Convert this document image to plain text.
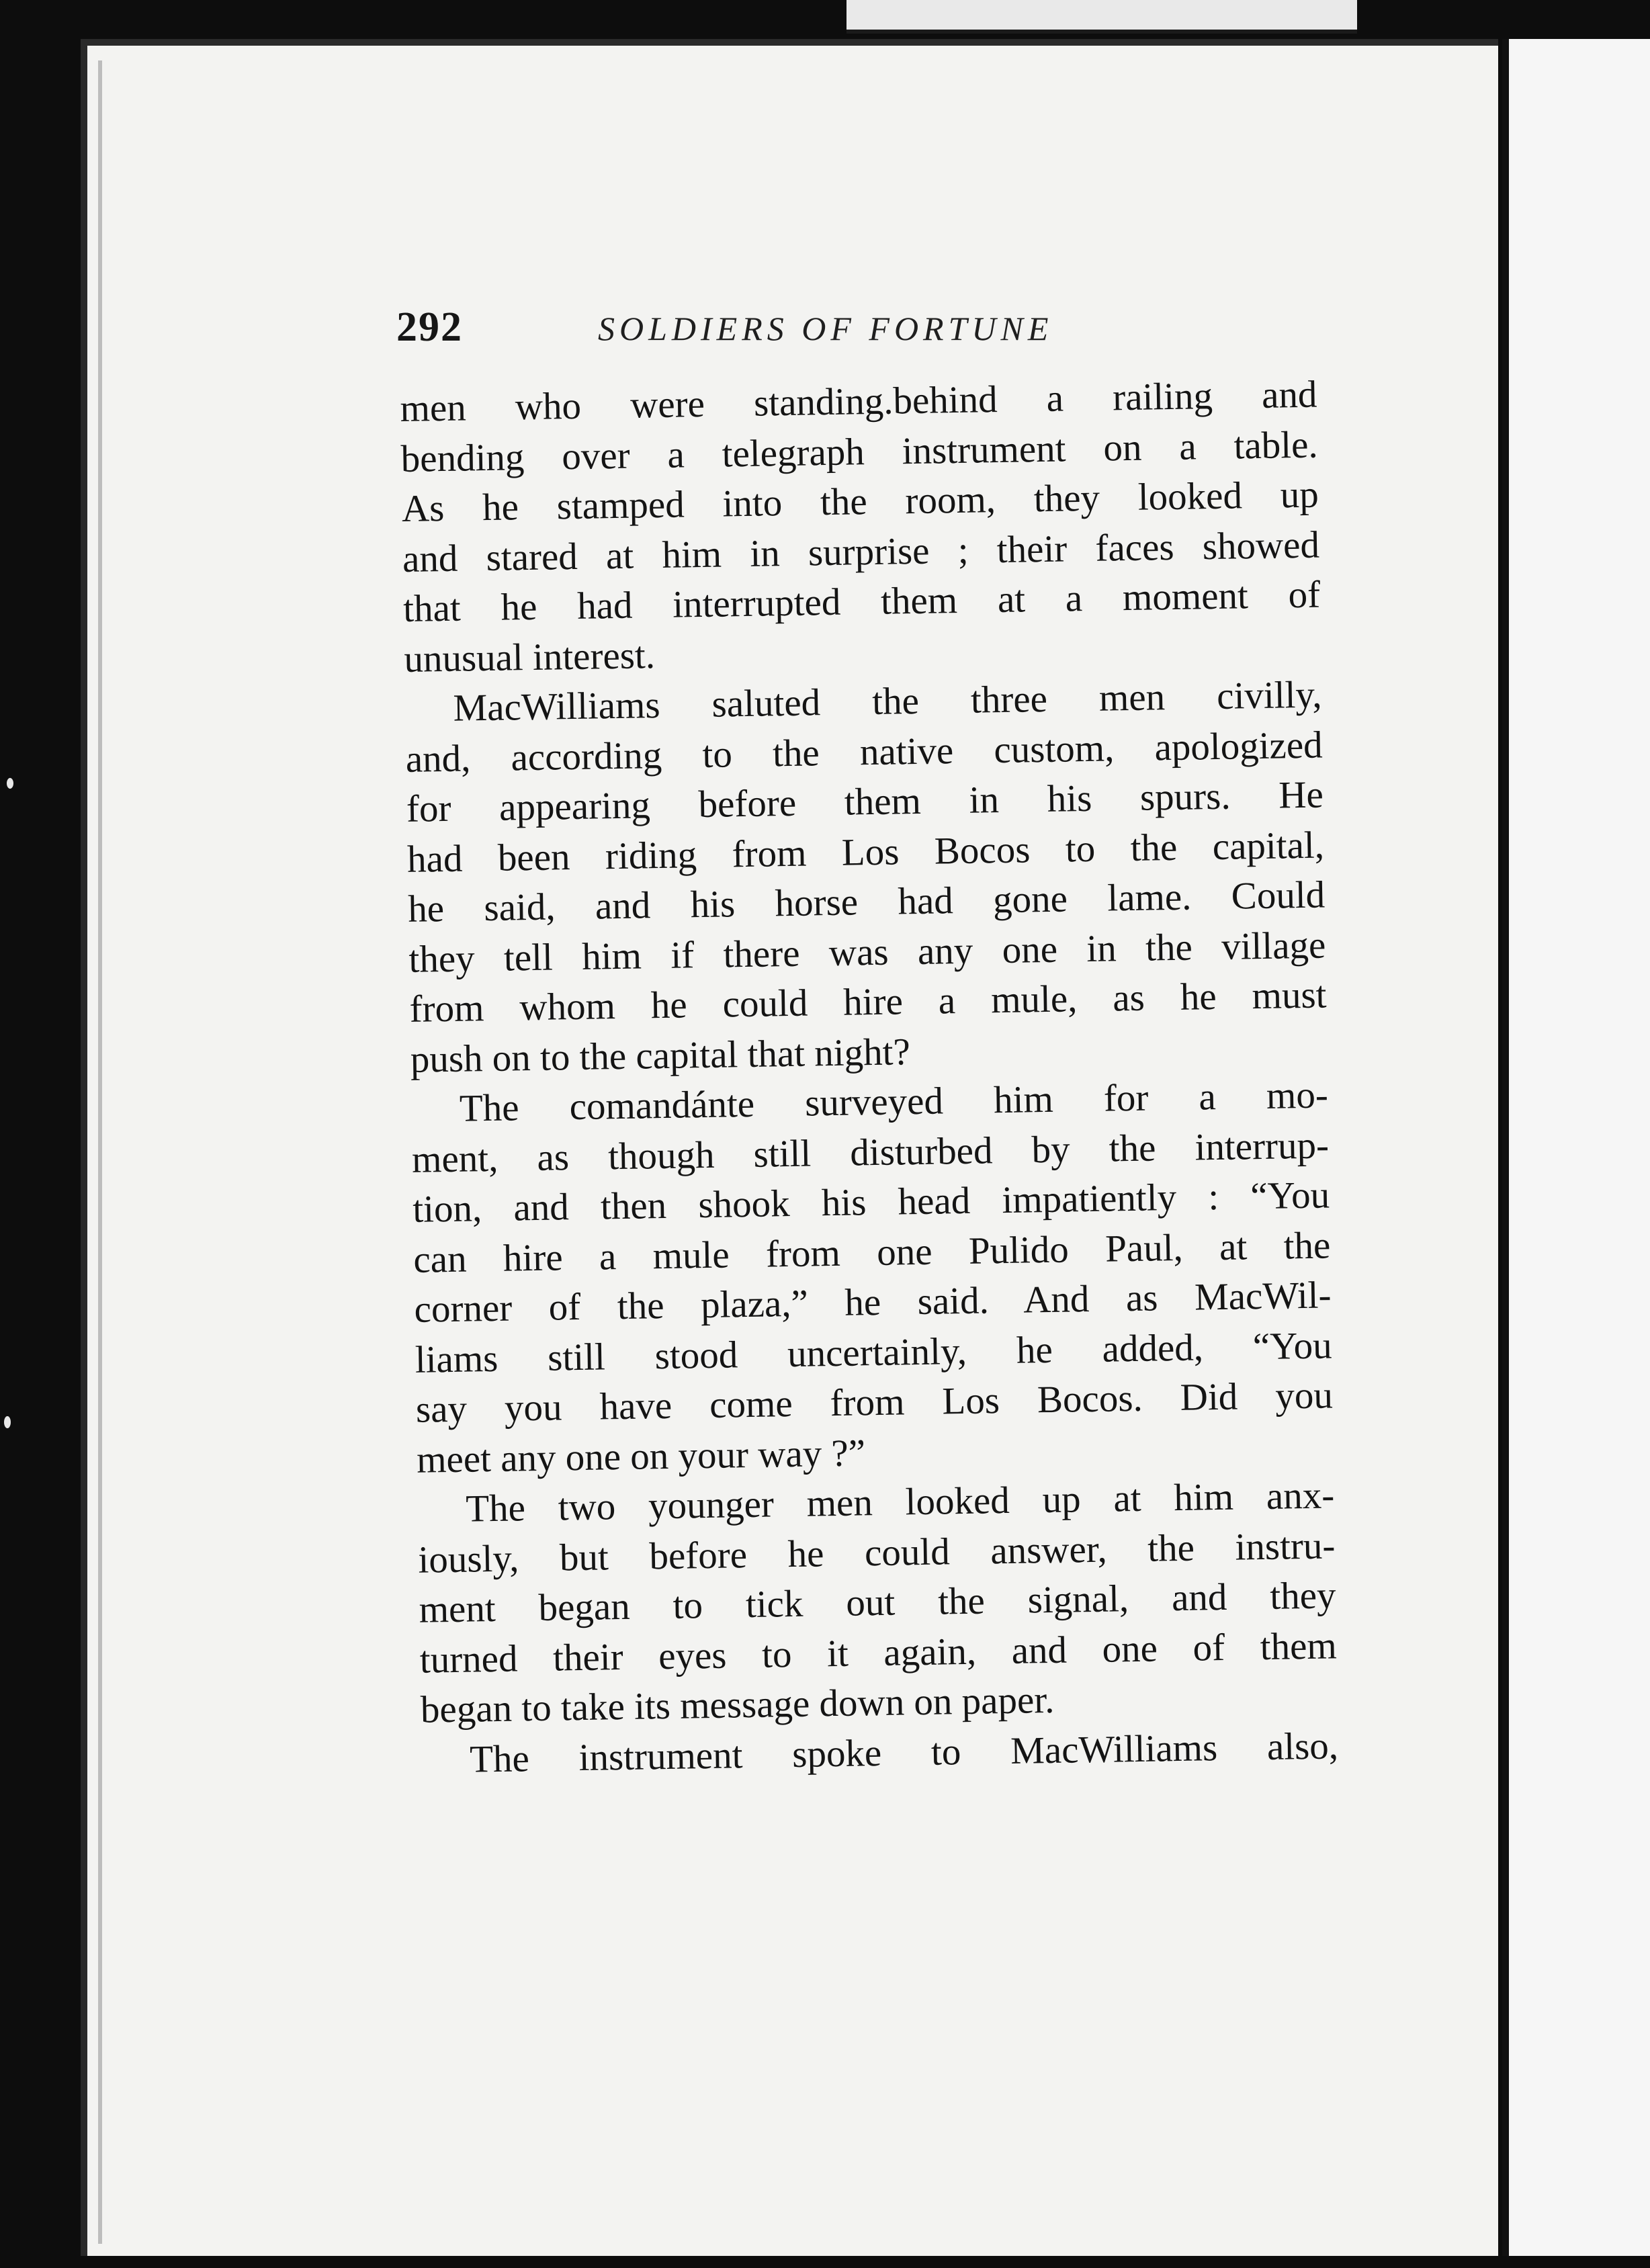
292	SOLDIERS OF FORTUNE
men who were standing.behind a railing and
bending over a telegraph instrument on a table.
As he stamped into the room, they looked up
and stared at him in surprise ; their faces showed
that he had interrupted them at a moment of
unusual interest.
MacWilliams saluted the three men civilly,
and, according to the native custom, apologized
for appearing before them in his spurs. He
had been riding from Los Bocos to the capital,
he said, and his horse had gone lame. Could
they tell him if there was any one in the village
from whom he could hire a mule, as he must
push on to the capital that night?
The comandánte surveyed him for a mo-
ment, as though still disturbed by the interrup-
tion, and then shook his head impatiently : “You
can hire a mule from one Pulido Paul, at the
corner of the plaza,” he said. And as MacWil-
liams still stood uncertainly, he added, “You
say you have come from Los Bocos. Did you
meet any one on your way ?”
The two younger men looked up at him anx-
iously, but before he could answer, the instru-
ment began to tick out the signal, and they
turned their eyes to it again, and one of them
began to take its message down on paper.
The instrument spoke to MacWilliams also,
